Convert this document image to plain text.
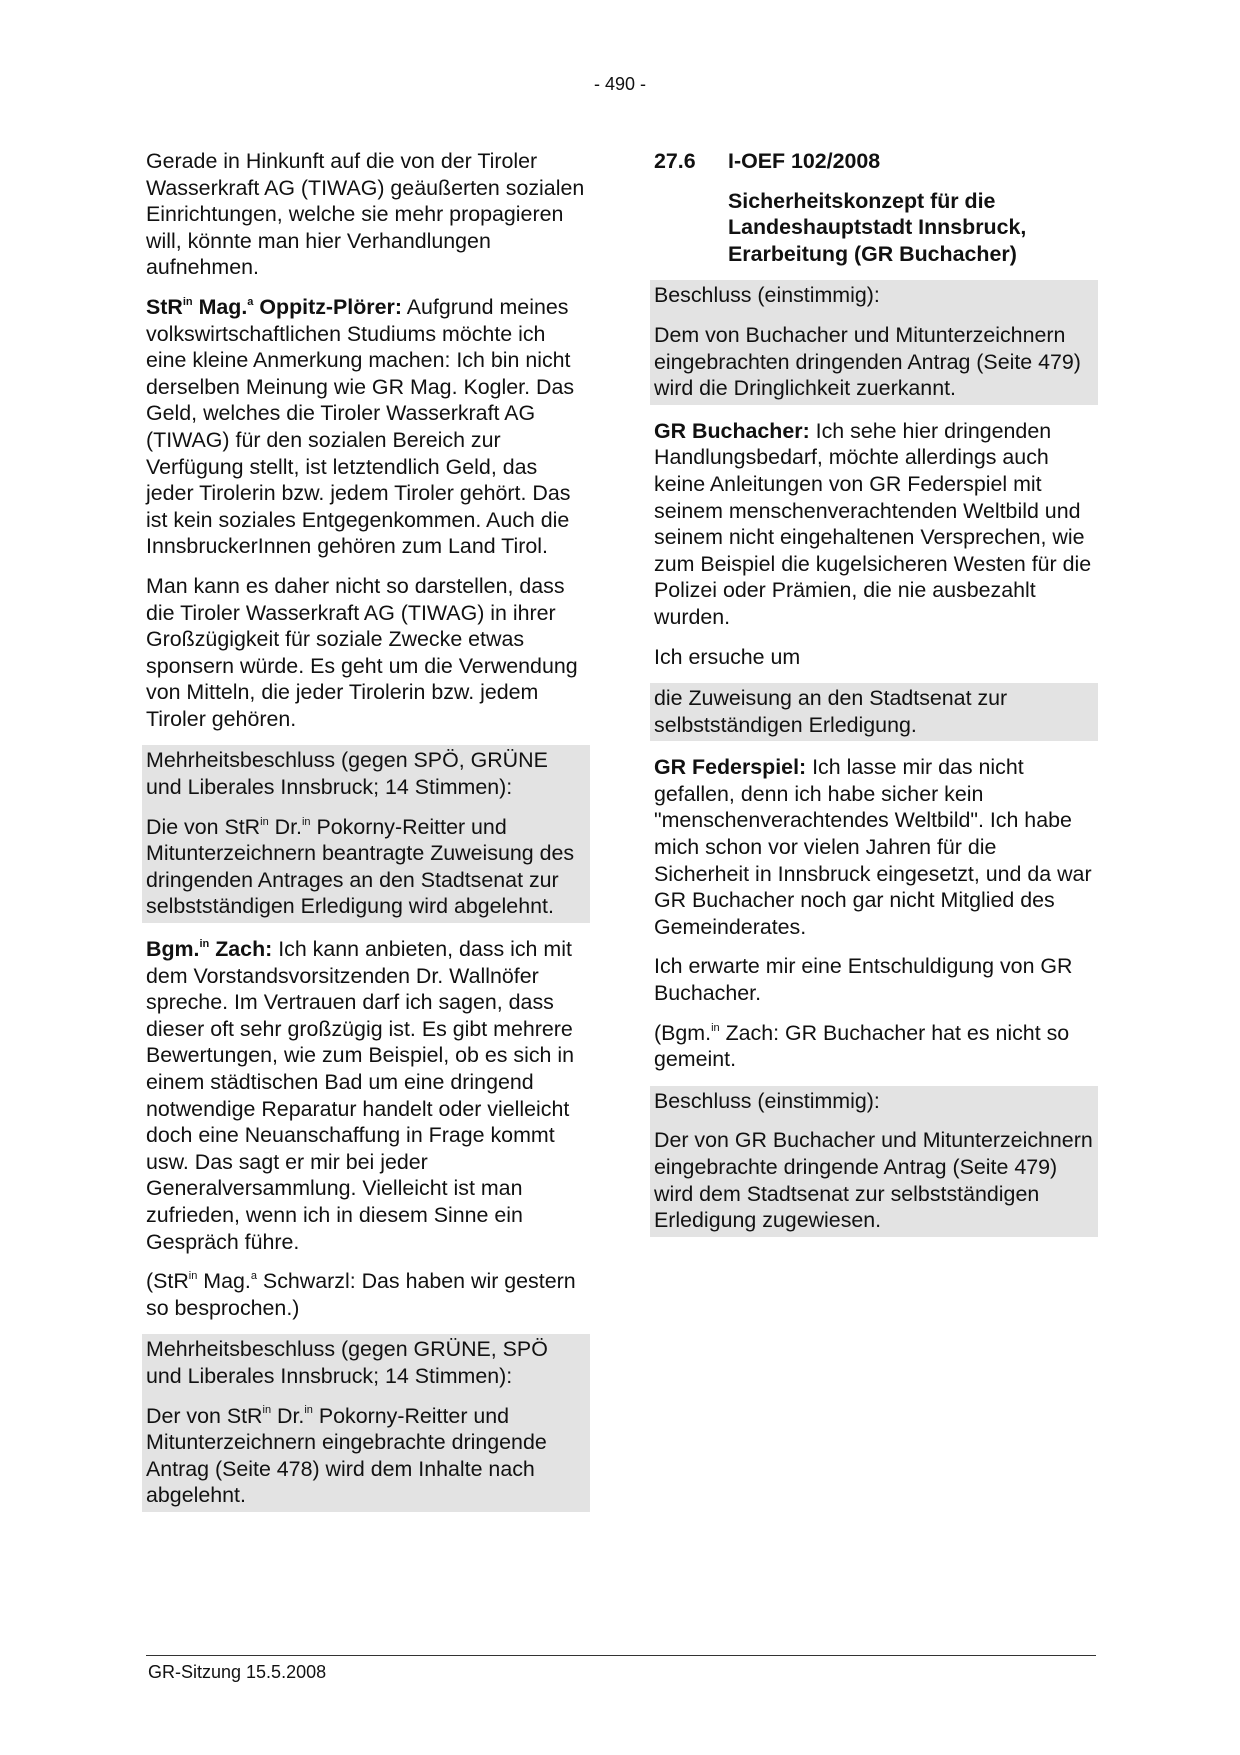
- 490 -

Gerade in Hinkunft auf die von der Tiroler Wasserkraft AG (TIWAG) geäußerten sozialen Einrichtungen, welche sie mehr propagieren will, könnte man hier Verhandlungen aufnehmen.

StR$^{in}$ Mag.$^a$ Oppitz-Plörer: Aufgrund meines volkswirtschaftlichen Studiums möchte ich eine kleine Anmerkung machen: Ich bin nicht derselben Meinung wie GR Mag. Kogler. Das Geld, welches die Tiroler Wasserkraft AG (TIWAG) für den sozialen Bereich zur Verfügung stellt, ist letztendlich Geld, das jeder Tirolerin bzw. jedem Tiroler gehört. Das ist kein soziales Entgegenkommen. Auch die InnsbruckerInnen gehören zum Land Tirol.

Man kann es daher nicht so darstellen, dass die Tiroler Wasserkraft AG (TIWAG) in ihrer Großzügigkeit für soziale Zwecke etwas sponsern würde. Es geht um die Verwendung von Mitteln, die jeder Tirolerin bzw. jedem Tiroler gehören.

Mehrheitsbeschluss (gegen SPÖ, GRÜNE und Liberales Innsbruck; 14 Stimmen):

Die von StR$^{in}$ Dr.$^{in}$ Pokorny-Reitter und Mitunterzeichnern beantragte Zuweisung des dringenden Antrages an den Stadtsenat zur selbstständigen Erledigung wird abgelehnt.

Bgm.$^{in}$ Zach: Ich kann anbieten, dass ich mit dem Vorstandsvorsitzenden Dr. Wallnöfer spreche. Im Vertrauen darf ich sagen, dass dieser oft sehr großzügig ist. Es gibt mehrere Bewertungen, wie zum Beispiel, ob es sich in einem städtischen Bad um eine dringend notwendige Reparatur handelt oder vielleicht doch eine Neuanschaffung in Frage kommt usw. Das sagt er mir bei jeder Generalversammlung. Vielleicht ist man zufrieden, wenn ich in diesem Sinne ein Gespräch führe.

(StR$^{in}$ Mag.$^a$ Schwarzl: Das haben wir gestern so besprochen.)

Mehrheitsbeschluss (gegen GRÜNE, SPÖ und Liberales Innsbruck; 14 Stimmen):

Der von StR$^{in}$ Dr.$^{in}$ Pokorny-Reitter und Mitunterzeichnern eingebrachte dringende Antrag (Seite 478) wird dem Inhalte nach abgelehnt.

27.6 I-OEF 102/2008
Sicherheitskonzept für die Landeshauptstadt Innsbruck, Erarbeitung (GR Buchacher)

Beschluss (einstimmig):

Dem von Buchacher und Mitunterzeichnern eingebrachten dringenden Antrag (Seite 479) wird die Dringlichkeit zuerkannt.

GR Buchacher: Ich sehe hier dringenden Handlungsbedarf, möchte allerdings auch keine Anleitungen von GR Federspiel mit seinem menschenverachtenden Weltbild und seinem nicht eingehaltenen Versprechen, wie zum Beispiel die kugelsicheren Westen für die Polizei oder Prämien, die nie ausbezahlt wurden.

Ich ersuche um

die Zuweisung an den Stadtsenat zur selbstständigen Erledigung.

GR Federspiel: Ich lasse mir das nicht gefallen, denn ich habe sicher kein "menschenverachtendes Weltbild". Ich habe mich schon vor vielen Jahren für die Sicherheit in Innsbruck eingesetzt, und da war GR Buchacher noch gar nicht Mitglied des Gemeinderates.

Ich erwarte mir eine Entschuldigung von GR Buchacher.

(Bgm.$^{in}$ Zach: GR Buchacher hat es nicht so gemeint.

Beschluss (einstimmig):

Der von GR Buchacher und Mitunterzeichnern eingebrachte dringende Antrag (Seite 479) wird dem Stadtsenat zur selbstständigen Erledigung zugewiesen.

GR-Sitzung 15.5.2008
